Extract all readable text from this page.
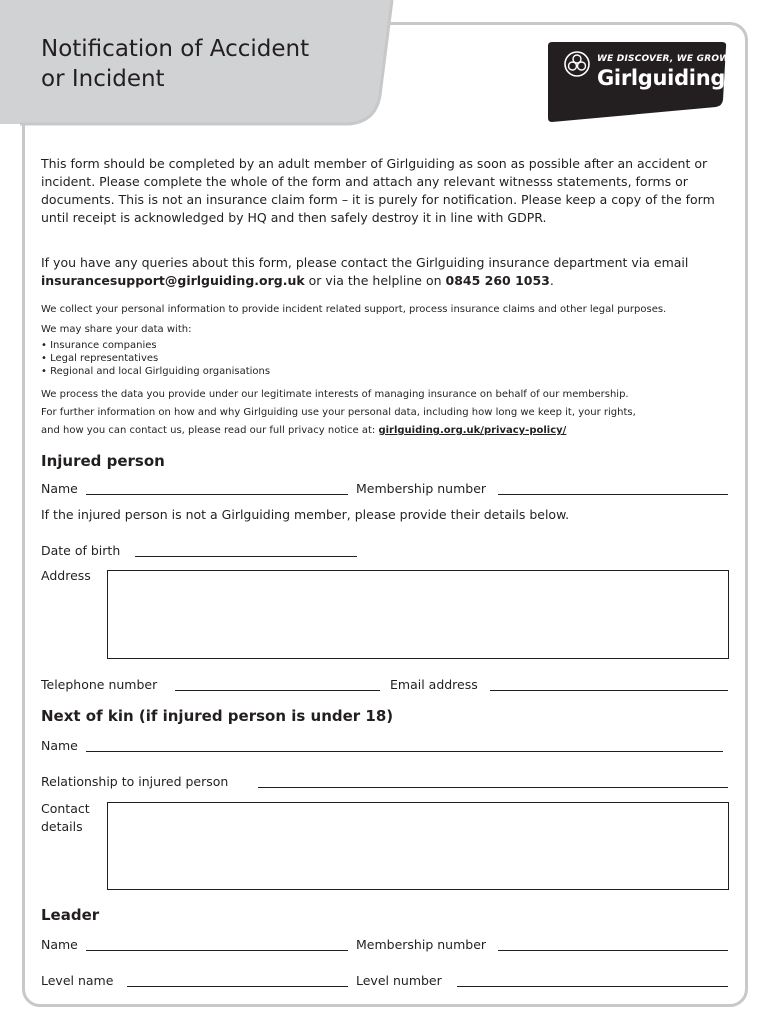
Notification of Accident
or Incident
WE DISCOVER, WE GROW
Girlguiding
This form should be completed by an adult member of Girlguiding as soon as possible after an accident or incident. Please complete the whole of the form and attach any relevant witnesss statements, forms or documents. This is not an insurance claim form – it is purely for notification. Please keep a copy of the form until receipt is acknowledged by HQ and then safely destroy it in line with GDPR.
If you have any queries about this form, please contact the Girlguiding insurance department via email insurancesupport@girlguiding.org.uk or via the helpline on 0845 260 1053.
We collect your personal information to provide incident related support, process insurance claims and other legal purposes.
We may share your data with:
• Insurance companies
• Legal representatives
• Regional and local Girlguiding organisations
We process the data you provide under our legitimate interests of managing insurance on behalf of our membership.
For further information on how and why Girlguiding use your personal data, including how long we keep it, your rights,
and how you can contact us, please read our full privacy notice at: girlguiding.org.uk/privacy-policy/
Injured person
Name	Membership number
If the injured person is not a Girlguiding member, please provide their details below.
Date of birth
Address
Telephone number	Email address
Next of kin (if injured person is under 18)
Name
Relationship to injured person
Contact
details
Leader
Name	Membership number
Level name	Level number
